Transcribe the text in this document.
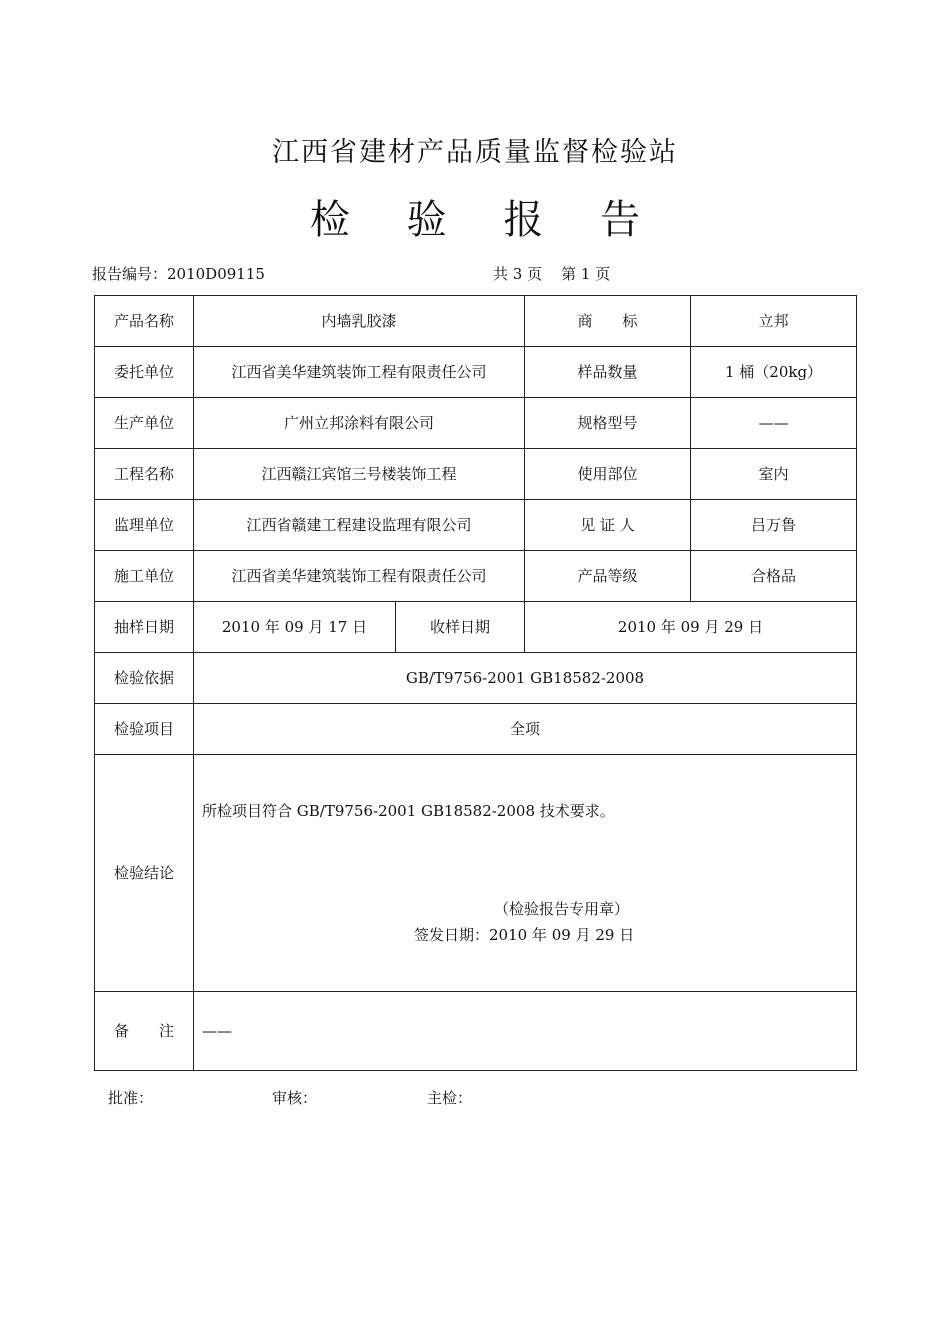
江西省建材产品质量监督检验站
检 验 报 告
报告编号：2010D09115	共 3 页    第 1 页
产品名称	内墙乳胶漆		商　　标	立邦
委托单位	江西省美华建筑装饰工程有限责任公司		样品数量	1 桶（20kg）
生产单位	广州立邦涂料有限公司		规格型号	——
工程名称	江西赣江宾馆三号楼装饰工程		使用部位	室内
监理单位	江西省赣建工程建设监理有限公司		见 证 人	吕万鲁
施工单位	江西省美华建筑装饰工程有限责任公司		产品等级	合格品
抽样日期	2010 年 09 月 17 日	收样日期	2010 年 09 月 29 日	
检验依据	GB/T9756-2001 GB18582-2008			
检验项目	全项			
检验结论	所检项目符合 GB/T9756-2001 GB18582-2008 技术要求。
（检验报告专用章）
签发日期：2010 年 09 月 29 日			

备　　注	——			
批准：	审核：	主检：
